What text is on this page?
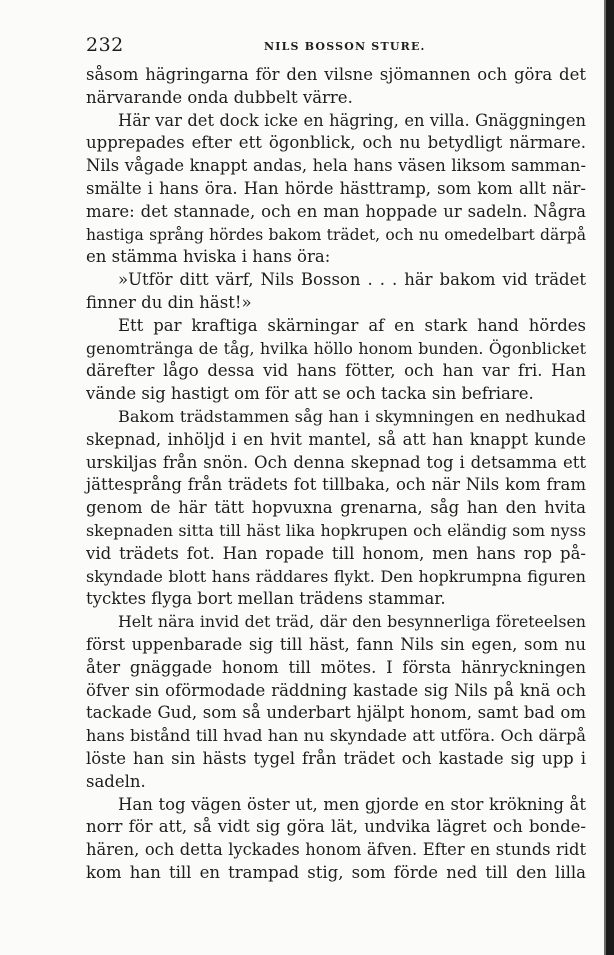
232	NILS BOSSON STURE.
såsom hägringarna för den vilsne sjömannen och göra det
närvarande onda dubbelt värre.
Här var det dock icke en hägring, en villa. Gnäggningen
upprepades efter ett ögonblick, och nu betydligt närmare.
Nils vågade knappt andas, hela hans väsen liksom samman-
smälte i hans öra. Han hörde hästtramp, som kom allt när-
mare: det stannade, och en man hoppade ur sadeln. Några
hastiga språng hördes bakom trädet, och nu omedelbart därpå
en stämma hviska i hans öra:
»Utför ditt värf, Nils Bosson . . . här bakom vid trädet
finner du din häst!»
Ett par kraftiga skärningar af en stark hand hördes
genomträngа de tåg, hvilka höllo honom bunden. Ögonblicket
därefter lågo dessa vid hans fötter, och han var fri. Han
vände sig hastigt om för att se och tacka sin befriare.
Bakom trädstammen såg han i skymningen en nedhukad
skepnad, inhöljd i en hvit mantel, så att han knappt kunde
urskiljas från snön. Och denna skepnad tog i detsamma ett
jättesprång från trädets fot tillbaka, och när Nils kom fram
genom de här tätt hopvuxna grenarna, såg han den hvita
skepnaden sitta till häst lika hopkrupen och eländig som nyss
vid trädets fot. Han ropade till honom, men hans rop på-
skyndade blott hans räddares flykt. Den hopkrumpna figuren
tycktes flyga bort mellan trädens stammar.
Helt nära invid det träd, där den besynnerliga företeelsen
först uppenbarade sig till häst, fann Nils sin egen, som nu
åter gnäggade honom till mötes. I första hänryckningen
öfver sin oförmodade räddning kastade sig Nils på knä och
tackade Gud, som så underbart hjälpt honom, samt bad om
hans bistånd till hvad han nu skyndade att utföra. Och därpå
löste han sin hästs tygel från trädet och kastade sig upp i
sadeln.
Han tog vägen öster ut, men gjorde en stor krökning åt
norr för att, så vidt sig göra lät, undvika lägret och bonde-
hären, och detta lyckades honom äfven. Efter en stunds ridt
kom han till en trampad stig, som förde ned till den lilla
